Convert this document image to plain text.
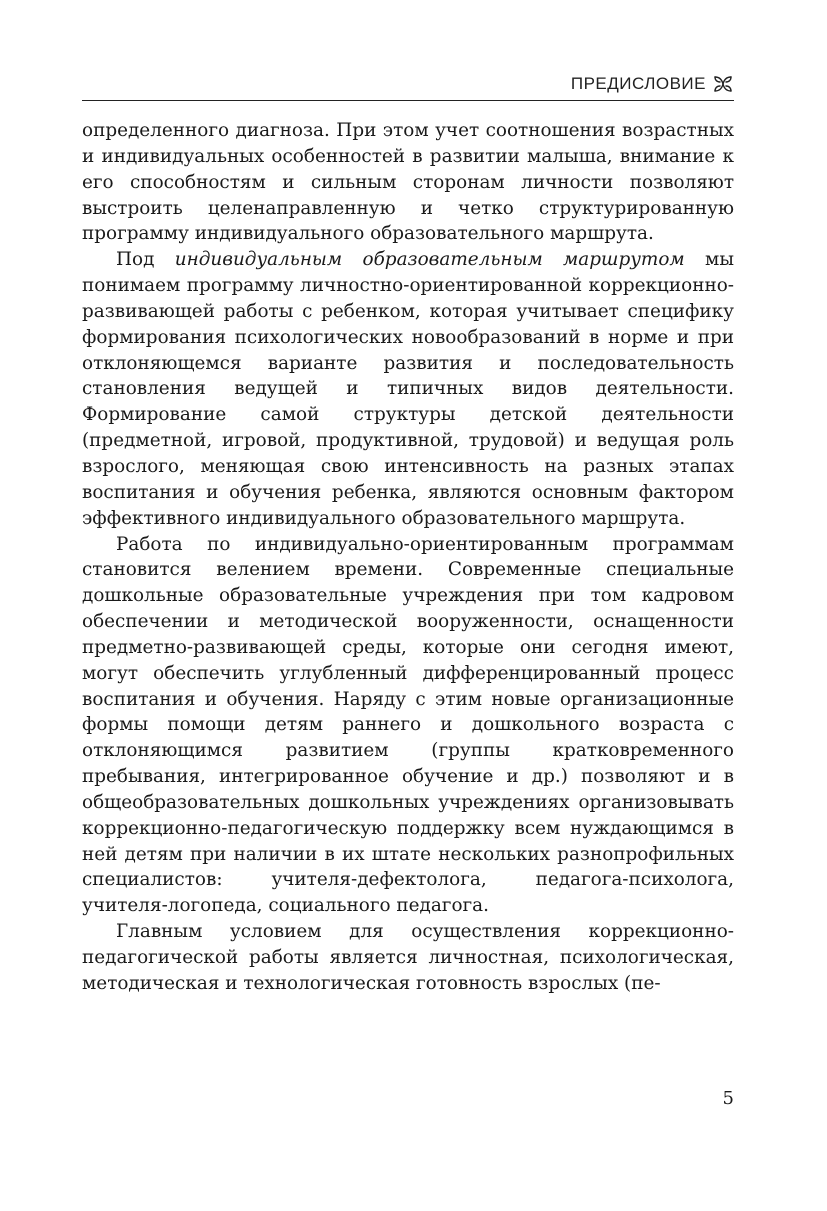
ПРЕДИСЛОВИЕ

определенного диагноза. При этом учет соотношения возрастных и индивидуальных особенностей в развитии малыша, внимание к его способностям и сильным сторонам личности позволяют выстроить целенаправленную и четко структурированную программу индивидуального образовательного маршрута.

Под индивидуальным образовательным маршрутом мы понимаем программу личностно-ориентированной коррекционно-развивающей работы с ребенком, которая учитывает специфику формирования психологических новообразований в норме и при отклоняющемся варианте развития и последовательность становления ведущей и типичных видов деятельности. Формирование самой структуры детской деятельности (предметной, игровой, продуктивной, трудовой) и ведущая роль взрослого, меняющая свою интенсивность на разных этапах воспитания и обучения ребенка, являются основным фактором эффективного индивидуального образовательного маршрута.

Работа по индивидуально-ориентированным программам становится велением времени. Современные специальные дошкольные образовательные учреждения при том кадровом обеспечении и методической вооруженности, оснащенности предметно-развивающей среды, которые они сегодня имеют, могут обеспечить углубленный дифференцированный процесс воспитания и обучения. Наряду с этим новые организационные формы помощи детям раннего и дошкольного возраста с отклоняющимся развитием (группы кратковременного пребывания, интегрированное обучение и др.) позволяют и в общеобразовательных дошкольных учреждениях организовывать коррекционно-педагогическую поддержку всем нуждающимся в ней детям при наличии в их штате нескольких разнопрофильных специалистов: учителя-дефектолога, педагога-психолога, учителя-логопеда, социального педагога.

Главным условием для осуществления коррекционно-педагогической работы является личностная, психологическая, методическая и технологическая готовность взрослых (пе-

5
